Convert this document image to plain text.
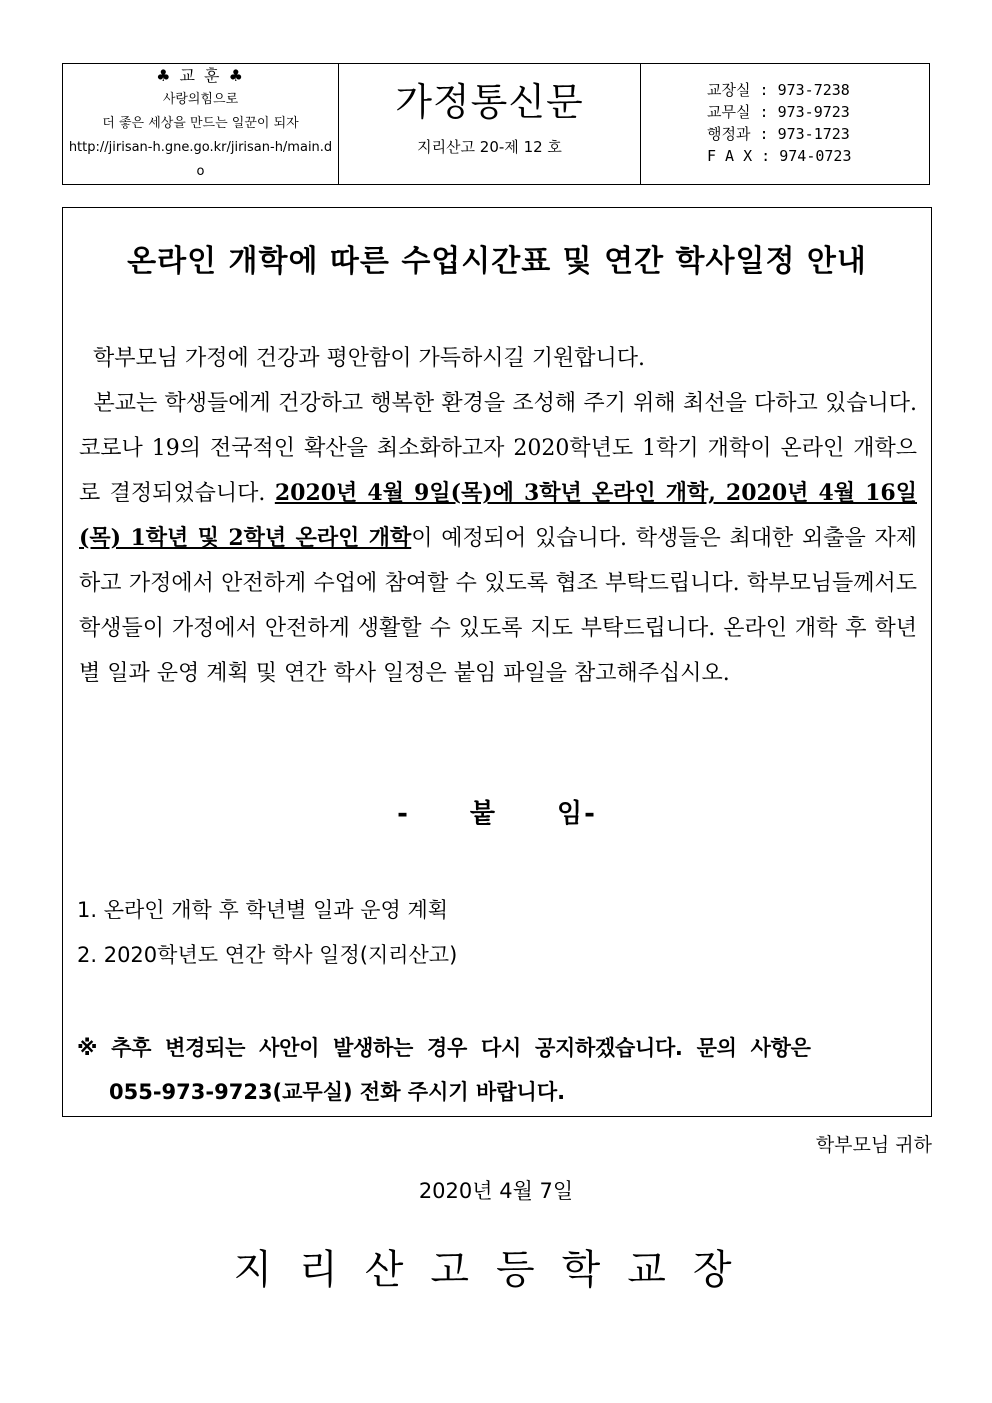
♣ 교 훈 ♣
사랑의힘으로
더 좋은 세상을 만드는 일꾼이 되자
http://jirisan-h.gne.go.kr/jirisan-h/main.do
가정통신문
지리산고 20-제 12 호
교장실 : 973-7238
교무실 : 973-9723
행정과 : 973-1723
F A X : 974-0723
온라인 개학에 따른 수업시간표 및 연간 학사일정 안내

학부모님 가정에 건강과 평안함이 가득하시길 기원합니다.

본교는 학생들에게 건강하고 행복한 환경을 조성해 주기 위해 최선을 다하고 있습니다. 코로나 19의 전국적인 확산을 최소화하고자 2020학년도 1학기 개학이 온라인 개학으로 결정되었습니다. 2020년 4월 9일(목)에 3학년 온라인 개학, 2020년 4월 16일(목) 1학년 및 2학년 온라인 개학이 예정되어 있습니다. 학생들은 최대한 외출을 자제하고 가정에서 안전하게 수업에 참여할 수 있도록 협조 부탁드립니다. 학부모님들께서도 학생들이 가정에서 안전하게 생활할 수 있도록 지도 부탁드립니다. 온라인 개학 후 학년별 일과 운영 계획 및 연간 학사 일정은 붙임 파일을 참고해주십시오.

- 붙 임-
1. 온라인 개학 후 학년별 일과 운영 계획
2. 2020학년도 연간 학사 일정(지리산고)
※  추후  변경되는  사안이  발생하는  경우  다시  공지하겠습니다.  문의  사항은
055-973-9723(교무실) 전화 주시기 바랍니다.
학부모님 귀하
2020년 4월 7일
지리산고등학교장
